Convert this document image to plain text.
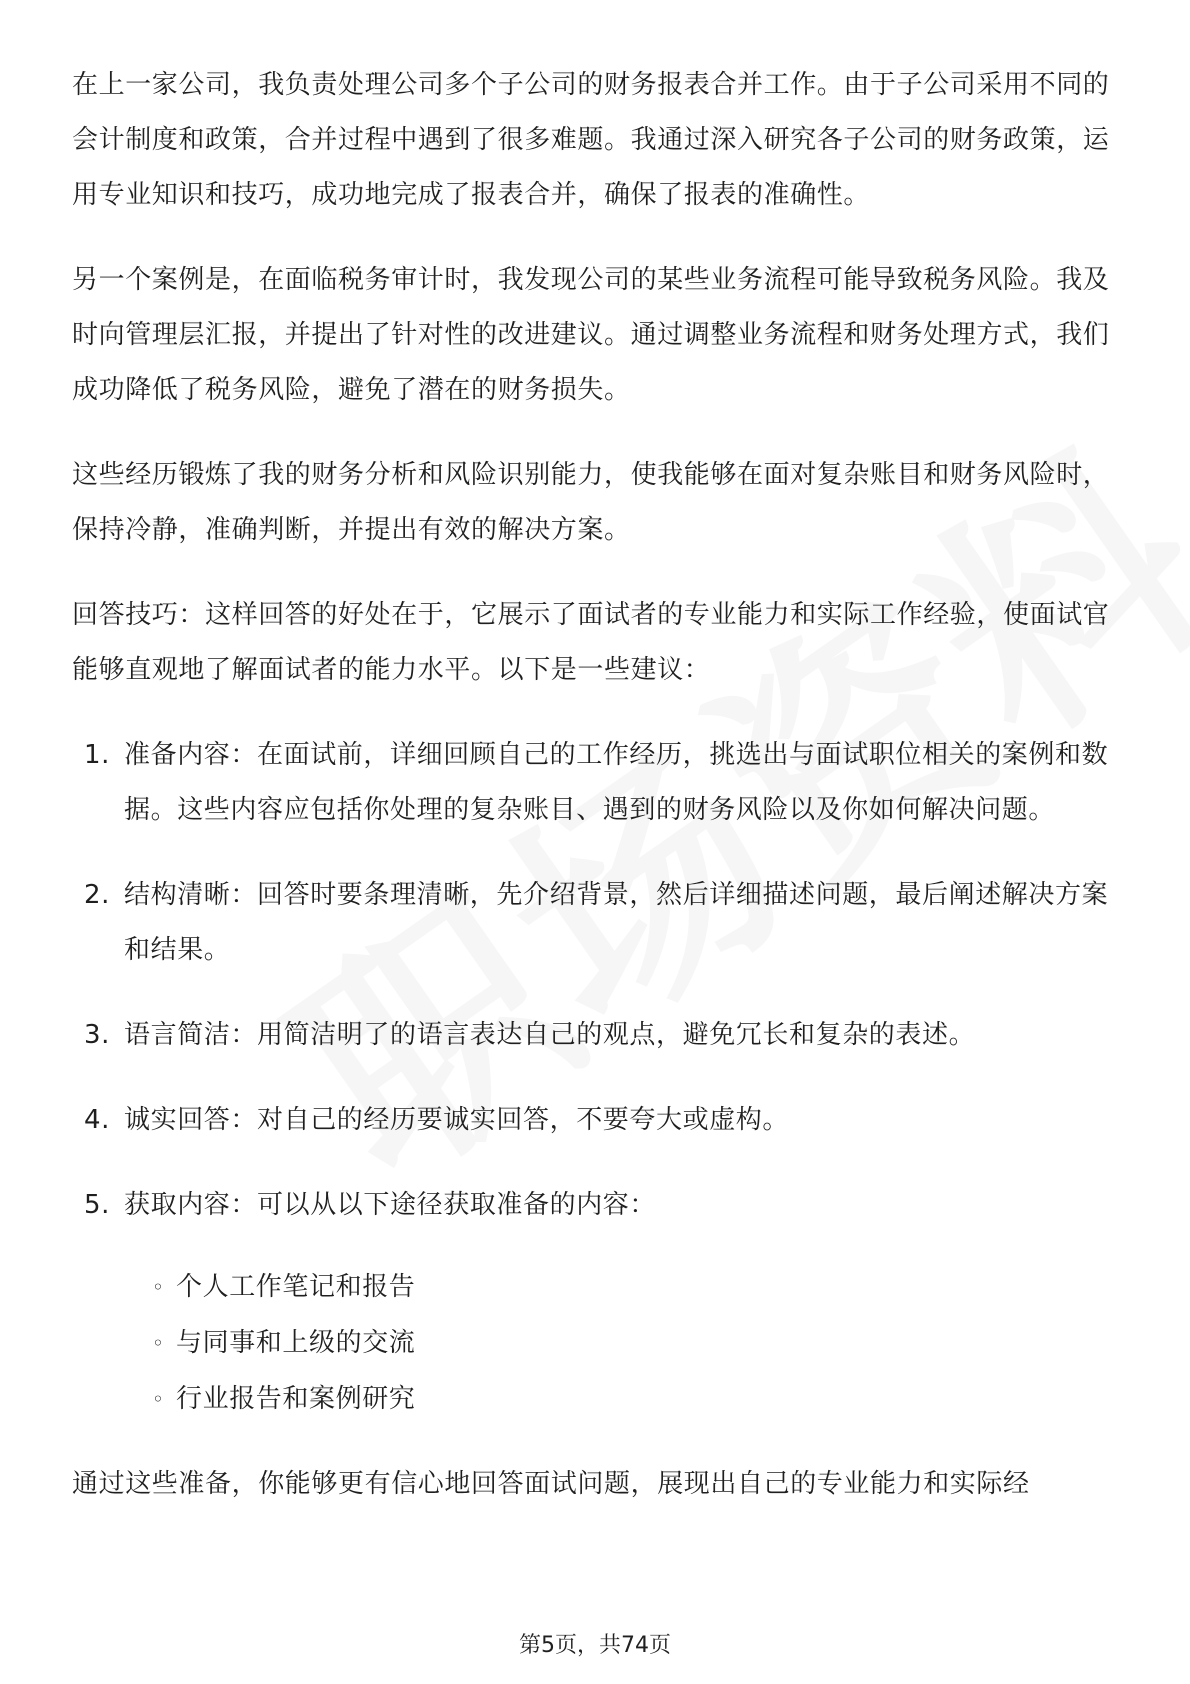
在上一家公司，我负责处理公司多个子公司的财务报表合并工作。由于子公司采用不同的会计制度和政策，合并过程中遇到了很多难题。我通过深入研究各子公司的财务政策，运用专业知识和技巧，成功地完成了报表合并，确保了报表的准确性。

另一个案例是，在面临税务审计时，我发现公司的某些业务流程可能导致税务风险。我及时向管理层汇报，并提出了针对性的改进建议。通过调整业务流程和财务处理方式，我们成功降低了税务风险，避免了潜在的财务损失。

这些经历锻炼了我的财务分析和风险识别能力，使我能够在面对复杂账目和财务风险时，保持冷静，准确判断，并提出有效的解决方案。

回答技巧：这样回答的好处在于，它展示了面试者的专业能力和实际工作经验，使面试官能够直观地了解面试者的能力水平。以下是一些建议：

1. 准备内容：在面试前，详细回顾自己的工作经历，挑选出与面试职位相关的案例和数据。这些内容应包括你处理的复杂账目、遇到的财务风险以及你如何解决问题。
2. 结构清晰：回答时要条理清晰，先介绍背景，然后详细描述问题，最后阐述解决方案和结果。
3. 语言简洁：用简洁明了的语言表达自己的观点，避免冗长和复杂的表述。
4. 诚实回答：对自己的经历要诚实回答，不要夸大或虚构。
5. 获取内容：可以从以下途径获取准备的内容：
◦ 个人工作笔记和报告
◦ 与同事和上级的交流
◦ 行业报告和案例研究

通过这些准备，你能够更有信心地回答面试问题，展现出自己的专业能力和实际经

第5页，共74页
